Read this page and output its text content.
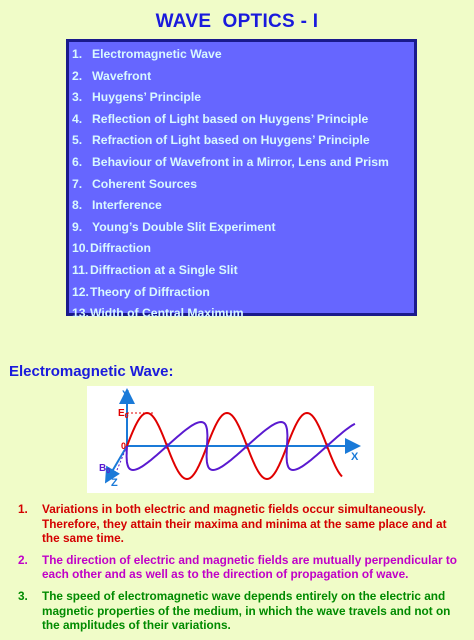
WAVE  OPTICS - I
1. Electromagnetic Wave
2. Wavefront
3. Huygens’ Principle
4. Reflection of Light based on Huygens’ Principle
5. Refraction of Light based on Huygens’ Principle
6. Behaviour of Wavefront in a Mirror, Lens and Prism
7. Coherent Sources
8. Interference
9. Young’s Double Slit Experiment
10. Diffraction
11. Diffraction at a Single Slit
12. Theory of Diffraction
13. Width of Central Maximum
Electromagnetic Wave:
Y
X
Z
$E_0$
0
$B_0$
1.	Variations in both electric and magnetic fields occur simultaneously. Therefore, they attain their maxima and minima at the same place and at the same time.
2.	The direction of electric and magnetic fields are mutually perpendicular to each other and as well as to the direction of propagation of wave.
3.	The speed of electromagnetic wave depends entirely on the electric and magnetic properties of the medium, in which the wave travels and not on the amplitudes of their variations.
